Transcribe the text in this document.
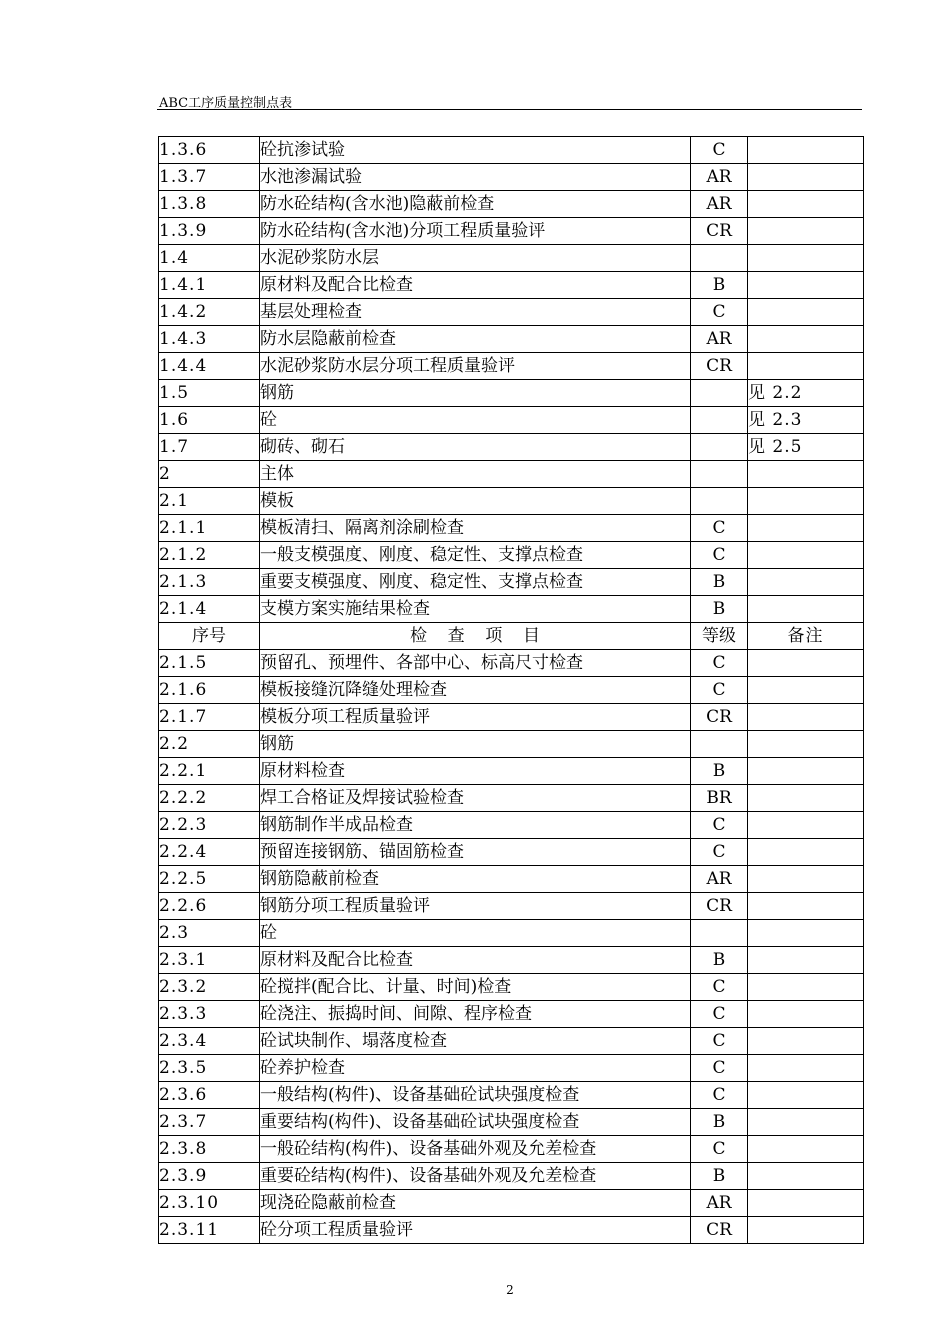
ABC工序质量控制点表
1.3.6	砼抗渗试验	C	
1.3.7	水池渗漏试验	AR	
1.3.8	防水砼结构(含水池)隐蔽前检查	AR	
1.3.9	防水砼结构(含水池)分项工程质量验评	CR	
1.4	水泥砂浆防水层		
1.4.1	原材料及配合比检查	B	
1.4.2	基层处理检查	C	
1.4.3	防水层隐蔽前检查	AR	
1.4.4	水泥砂浆防水层分项工程质量验评	CR	
1.5	钢筋		见 2.2
1.6	砼		见 2.3
1.7	砌砖、砌石		见 2.5
2	主体		
2.1	模板		
2.1.1	模板清扫、隔离剂涂刷检查	C	
2.1.2	一般支模强度、刚度、稳定性、支撑点检查	C	
2.1.3	重要支模强度、刚度、稳定性、支撑点检查	B	
2.1.4	支模方案实施结果检查	B	
序号	检 查 项 目	等级	备注
2.1.5	预留孔、预埋件、各部中心、标高尺寸检查	C	
2.1.6	模板接缝沉降缝处理检查	C	
2.1.7	模板分项工程质量验评	CR	
2.2	钢筋		
2.2.1	原材料检查	B	
2.2.2	焊工合格证及焊接试验检查	BR	
2.2.3	钢筋制作半成品检查	C	
2.2.4	预留连接钢筋、锚固筋检查	C	
2.2.5	钢筋隐蔽前检查	AR	
2.2.6	钢筋分项工程质量验评	CR	
2.3	砼		
2.3.1	原材料及配合比检查	B	
2.3.2	砼搅拌(配合比、计量、时间)检查	C	
2.3.3	砼浇注、振捣时间、间隙、程序检查	C	
2.3.4	砼试块制作、塌落度检查	C	
2.3.5	砼养护检查	C	
2.3.6	一般结构(构件)、设备基础砼试块强度检查	C	
2.3.7	重要结构(构件)、设备基础砼试块强度检查	B	
2.3.8	一般砼结构(构件)、设备基础外观及允差检查	C	
2.3.9	重要砼结构(构件)、设备基础外观及允差检查	B	
2.3.10	现浇砼隐蔽前检查	AR	
2.3.11	砼分项工程质量验评	CR	
2
